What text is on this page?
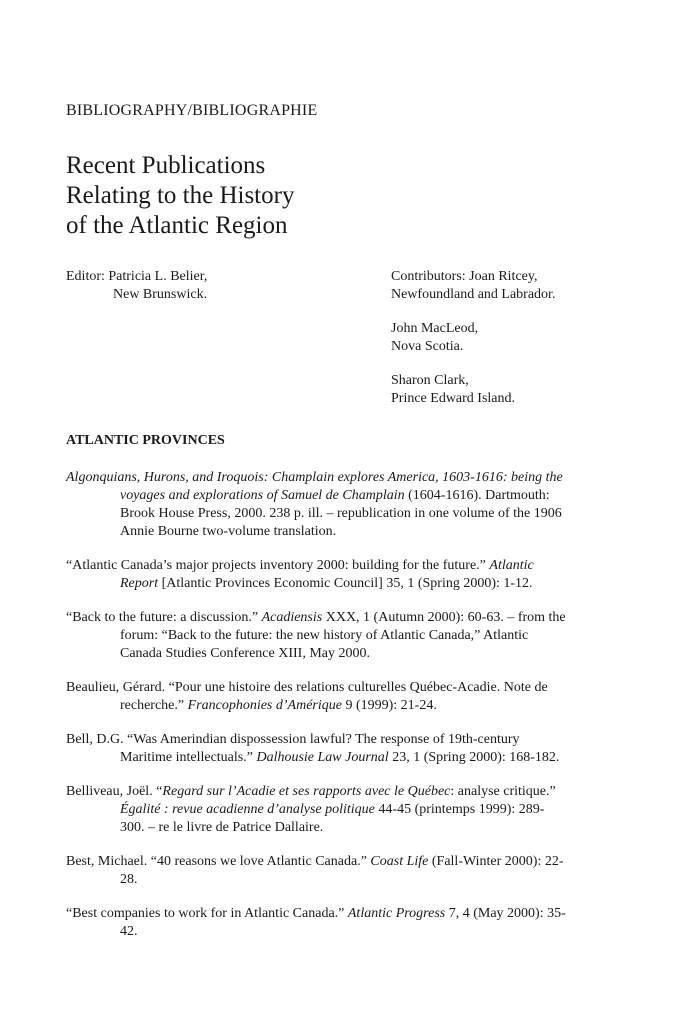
BIBLIOGRAPHY/BIBLIOGRAPHIE
Recent Publications
Relating to the History
of the Atlantic Region
Editor: Patricia L. Belier,
New Brunswick.
Contributors: Joan Ritcey,
Newfoundland and Labrador.
John MacLeod,
Nova Scotia.
Sharon Clark,
Prince Edward Island.
ATLANTIC PROVINCES
Algonquians, Hurons, and Iroquois: Champlain explores America, 1603-1616: being the voyages and explorations of Samuel de Champlain (1604-1616). Dartmouth: Brook House Press, 2000. 238 p. ill. – republication in one volume of the 1906 Annie Bourne two-volume translation.
“Atlantic Canada’s major projects inventory 2000: building for the future.” Atlantic Report [Atlantic Provinces Economic Council] 35, 1 (Spring 2000): 1-12.
“Back to the future: a discussion.” Acadiensis XXX, 1 (Autumn 2000): 60-63. – from the forum: “Back to the future: the new history of Atlantic Canada,” Atlantic Canada Studies Conference XIII, May 2000.
Beaulieu, Gérard. “Pour une histoire des relations culturelles Québec-Acadie. Note de recherche.” Francophonies d’Amérique 9 (1999): 21-24.
Bell, D.G. “Was Amerindian dispossession lawful? The response of 19th-century Maritime intellectuals.” Dalhousie Law Journal 23, 1 (Spring 2000): 168-182.
Belliveau, Joël. “Regard sur l’Acadie et ses rapports avec le Québec: analyse critique.” Égalité : revue acadienne d’analyse politique 44-45 (printemps 1999): 289-300. – re le livre de Patrice Dallaire.
Best, Michael. “40 reasons we love Atlantic Canada.” Coast Life (Fall-Winter 2000): 22-28.
“Best companies to work for in Atlantic Canada.” Atlantic Progress 7, 4 (May 2000): 35-42.
